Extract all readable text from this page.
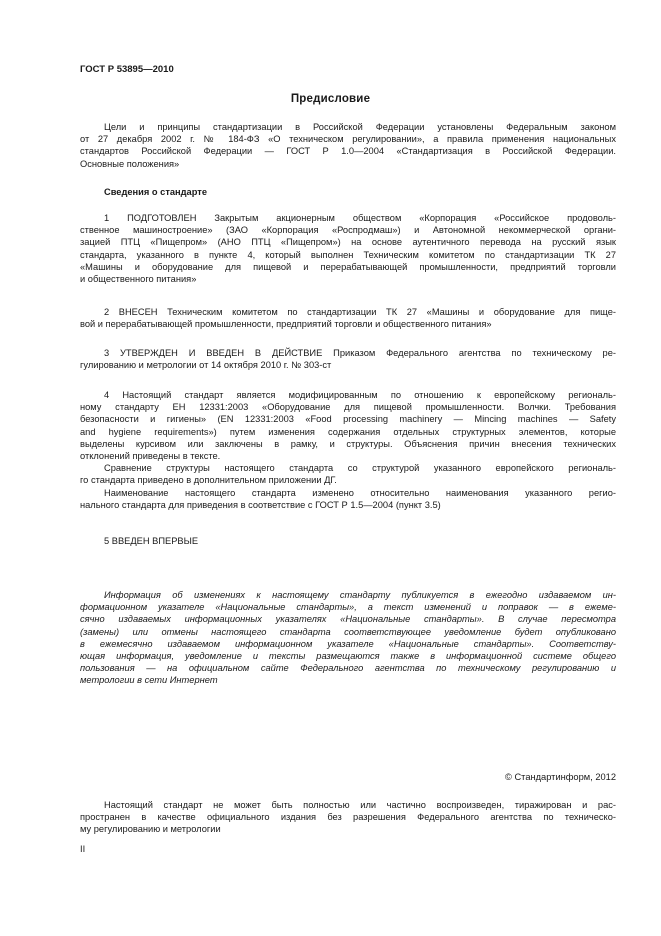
ГОСТ Р 53895—2010
Предисловие
Цели и принципы стандартизации в Российской Федерации установлены Федеральным законом
от 27 декабря 2002 г. № 184-ФЗ «О техническом регулировании», а правила применения национальных
стандартов Российской Федерации — ГОСТ Р 1.0—2004 «Стандартизация в Российской Федерации.
Основные положения»
Сведения о стандарте
1 ПОДГОТОВЛЕН Закрытым акционерным обществом «Корпорация «Российское продоволь-
ственное машиностроение» (ЗАО «Корпорация «Роспродмаш») и Автономной некоммерческой органи-
зацией ПТЦ «Пищепром» (АНО ПТЦ «Пищепром») на основе аутентичного перевода на русский язык
стандарта, указанного в пункте 4, который выполнен Техническим комитетом по стандартизации ТК 27
«Машины и оборудование для пищевой и перерабатывающей промышленности, предприятий торговли
и общественного питания»
2 ВНЕСЕН Техническим комитетом по стандартизации ТК 27 «Машины и оборудование для пище-
вой и перерабатывающей промышленности, предприятий торговли и общественного питания»
3 УТВЕРЖДЕН И ВВЕДЕН В ДЕЙСТВИЕ Приказом Федерального агентства по техническому ре-
гулированию и метрологии от 14 октября 2010 г. № 303-ст
4 Настоящий стандарт является модифицированным по отношению к европейскому региональ-
ному стандарту ЕН 12331:2003 «Оборудование для пищевой промышленности. Волчки. Требования
безопасности и гигиены» (EN 12331:2003 «Food processing machinery — Mincing machines — Safety
and hygiene requirements») путем изменения содержания отдельных структурных элементов, которые
выделены курсивом или заключены в рамку, и структуры. Объяснения причин внесения технических
отклонений приведены в тексте.
Сравнение структуры настоящего стандарта со структурой указанного европейского региональ-
го стандарта приведено в дополнительном приложении ДГ.
Наименование настоящего стандарта изменено относительно наименования указанного регио-
нального стандарта для приведения в соответствие с ГОСТ Р 1.5—2004 (пункт 3.5)
5 ВВЕДЕН ВПЕРВЫЕ
Информация об изменениях к настоящему стандарту публикуется в ежегодно издаваемом ин-
формационном указателе «Национальные стандарты», а текст изменений и поправок — в ежеме-
сячно издаваемых информационных указателях «Национальные стандарты». В случае пересмотра
(замены) или отмены настоящего стандарта соответствующее уведомление будет опубликовано
в ежемесячно издаваемом информационном указателе «Национальные стандарты». Соответству-
ющая информация, уведомление и тексты размещаются также в информационной системе общего
пользования — на официальном сайте Федерального агентства по техническому регулированию и
метрологии в сети Интернет
© Стандартинформ, 2012
Настоящий стандарт не может быть полностью или частично воспроизведен, тиражирован и рас-
пространен в качестве официального издания без разрешения Федерального агентства по техническо-
му регулированию и метрологии
II
